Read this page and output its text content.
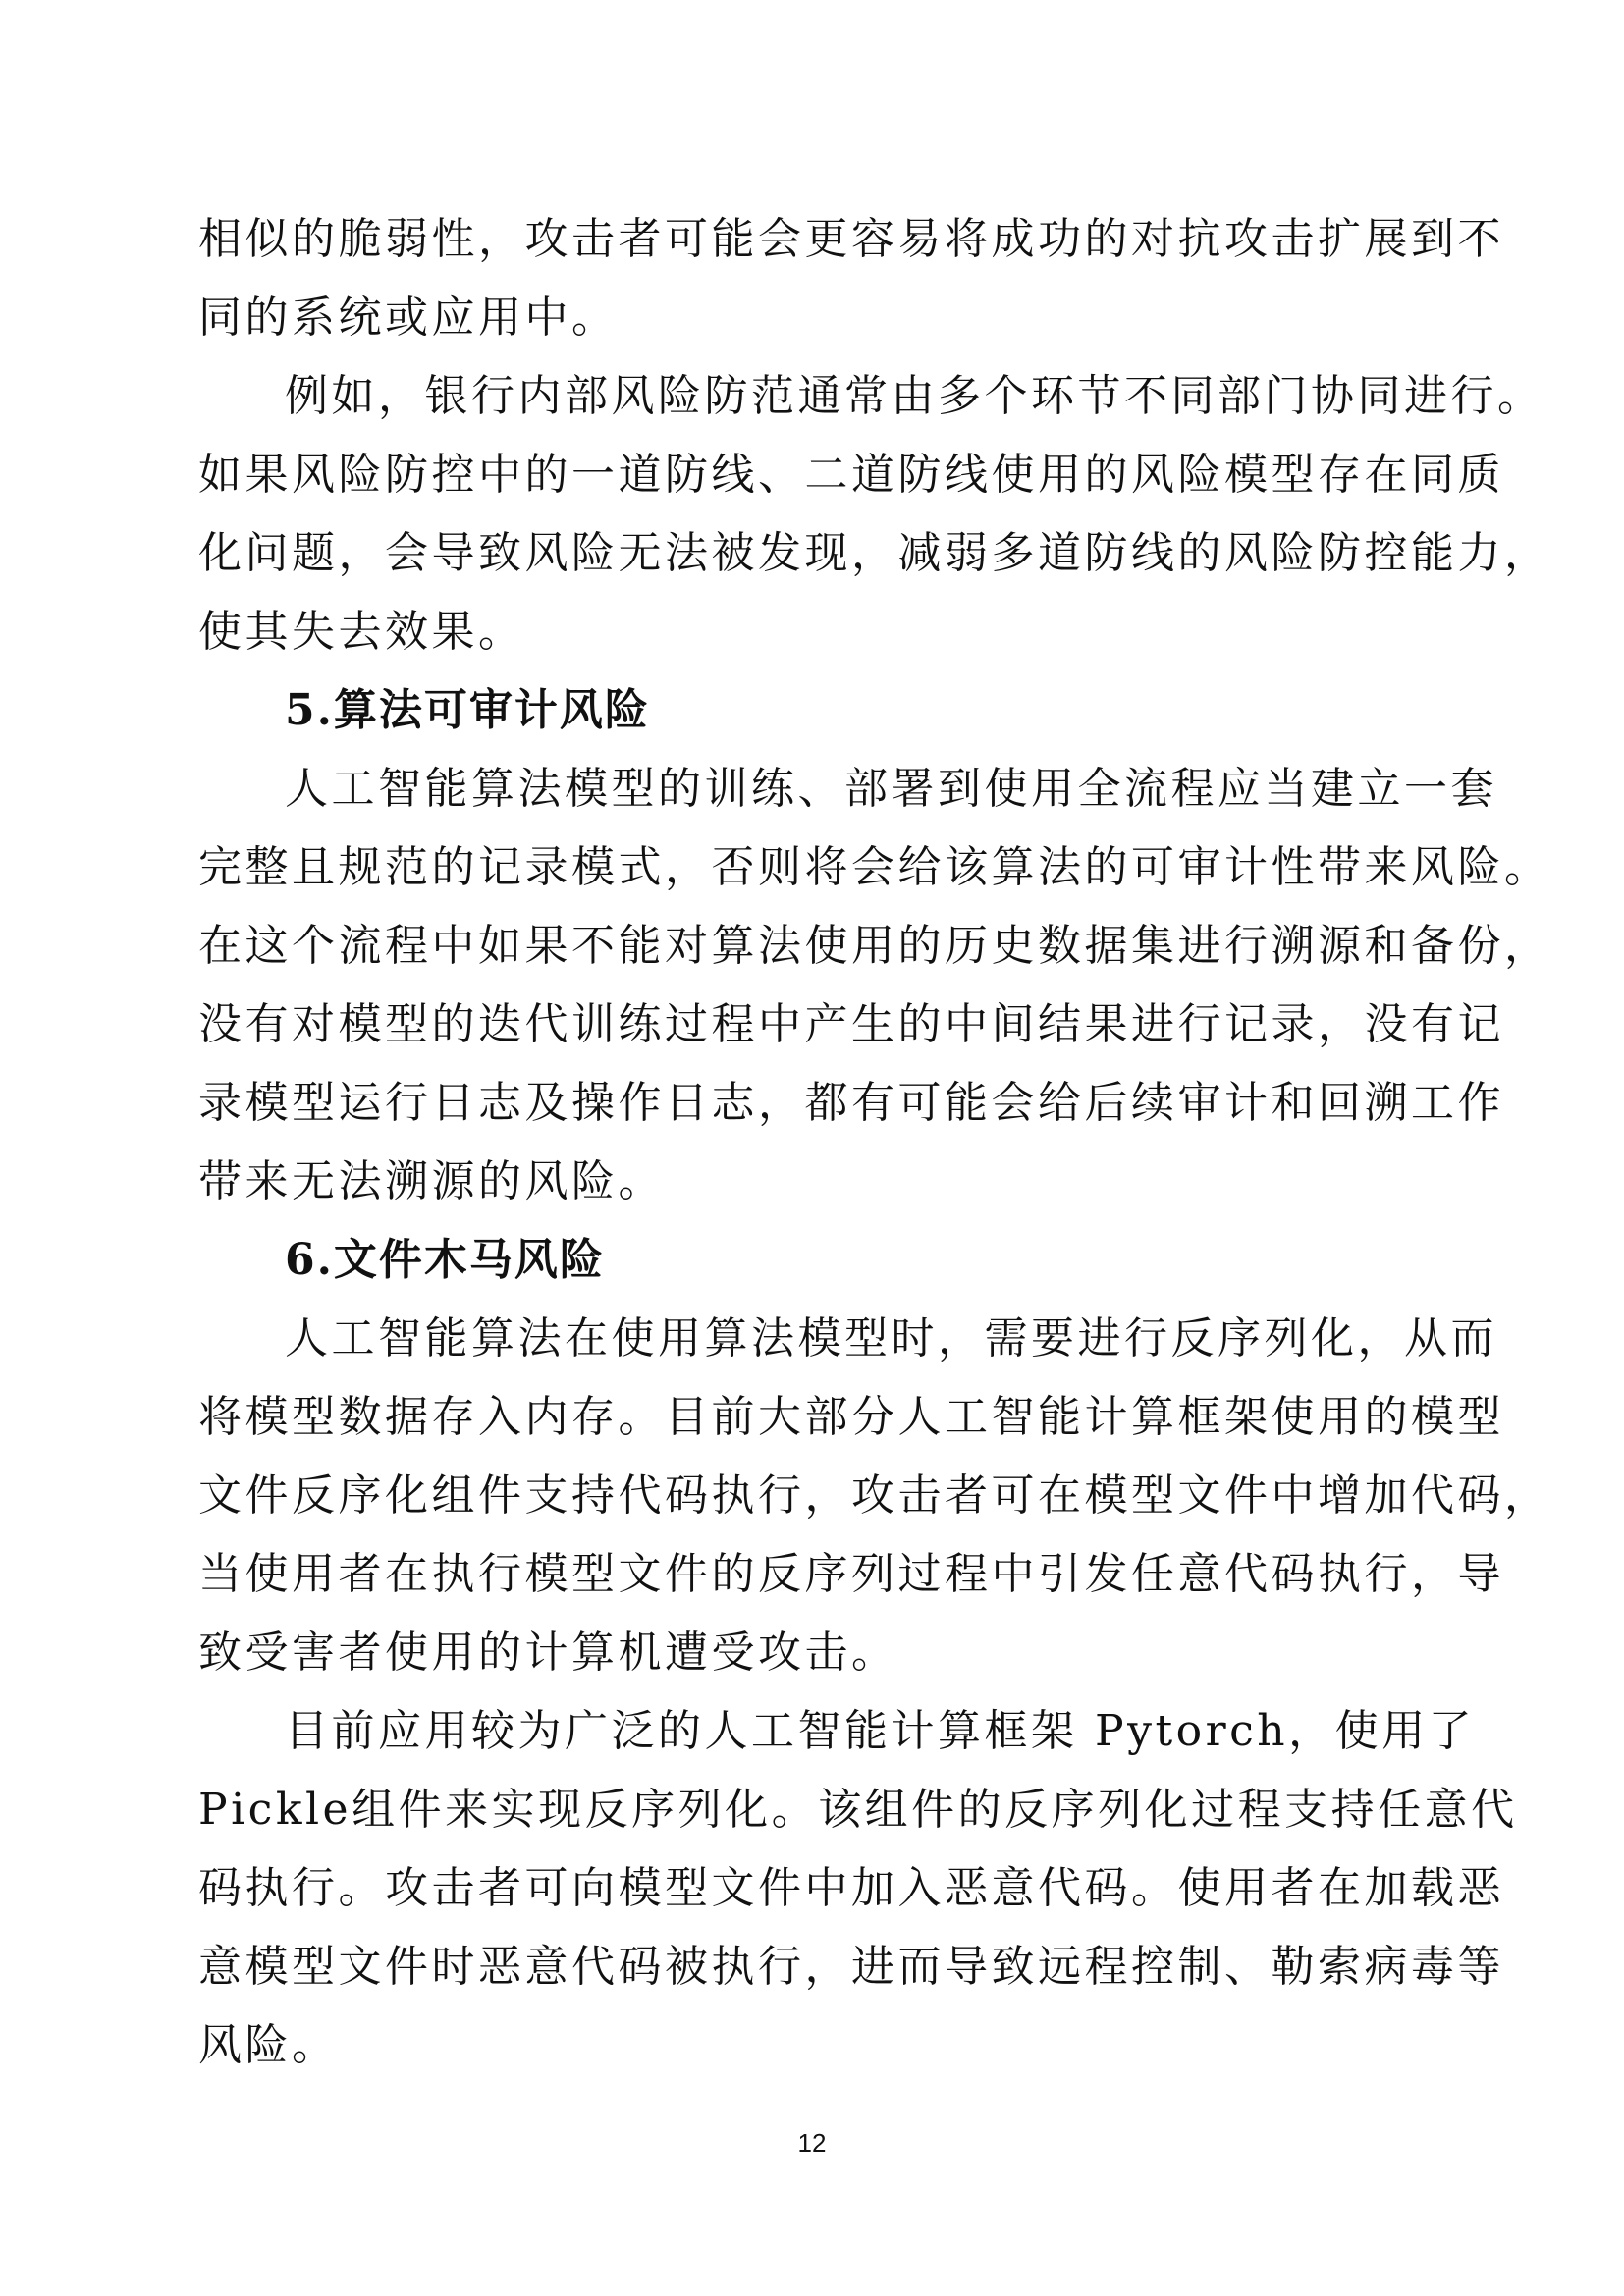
相似的脆弱性，攻击者可能会更容易将成功的对抗攻击扩展到不
同的系统或应用中。
例如，银行内部风险防范通常由多个环节不同部门协同进行。
如果风险防控中的一道防线、二道防线使用的风险模型存在同质
化问题，会导致风险无法被发现，减弱多道防线的风险防控能力，
使其失去效果。
5.算法可审计风险
人工智能算法模型的训练、部署到使用全流程应当建立一套
完整且规范的记录模式，否则将会给该算法的可审计性带来风险。
在这个流程中如果不能对算法使用的历史数据集进行溯源和备份，
没有对模型的迭代训练过程中产生的中间结果进行记录，没有记
录模型运行日志及操作日志，都有可能会给后续审计和回溯工作
带来无法溯源的风险。
6.文件木马风险
人工智能算法在使用算法模型时，需要进行反序列化，从而
将模型数据存入内存。目前大部分人工智能计算框架使用的模型
文件反序化组件支持代码执行，攻击者可在模型文件中增加代码，
当使用者在执行模型文件的反序列过程中引发任意代码执行，导
致受害者使用的计算机遭受攻击。
目前应用较为广泛的人工智能计算框架 Pytorch，使用了
Pickle组件来实现反序列化。该组件的反序列化过程支持任意代
码执行。攻击者可向模型文件中加入恶意代码。使用者在加载恶
意模型文件时恶意代码被执行，进而导致远程控制、勒索病毒等
风险。
12
